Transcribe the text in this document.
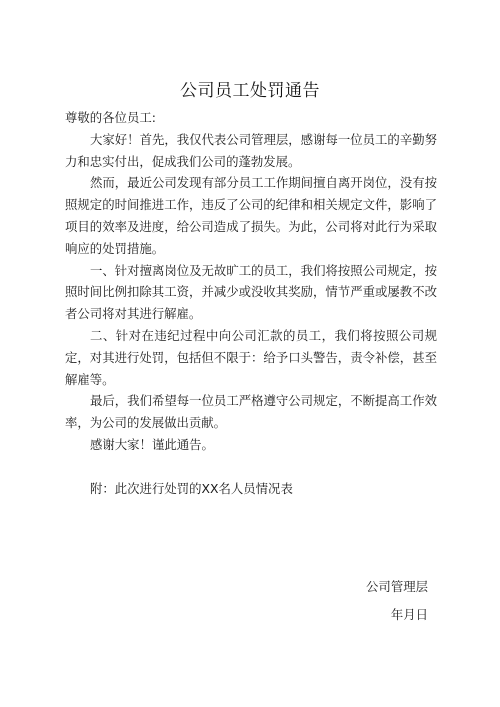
公司员工处罚通告

尊敬的各位员工:

大家好！首先，我仅代表公司管理层，感谢每一位员工的辛勤努力和忠实付出，促成我们公司的蓬勃发展。

然而，最近公司发现有部分员工工作期间擅自离开岗位，没有按照规定的时间推进工作，违反了公司的纪律和相关规定文件，影响了项目的效率及进度，给公司造成了损失。为此，公司将对此行为采取响应的处罚措施。

一、针对擅离岗位及无故旷工的员工，我们将按照公司规定，按照时间比例扣除其工资，并减少或没收其奖励，情节严重或屡教不改者公司将对其进行解雇。

二、针对在违纪过程中向公司汇款的员工，我们将按照公司规定，对其进行处罚，包括但不限于：给予口头警告，责令补偿，甚至解雇等。

最后，我们希望每一位员工严格遵守公司规定，不断提高工作效率，为公司的发展做出贡献。

感谢大家！谨此通告。

附：此次进行处罚的XX名人员情况表

公司管理层
年月日
